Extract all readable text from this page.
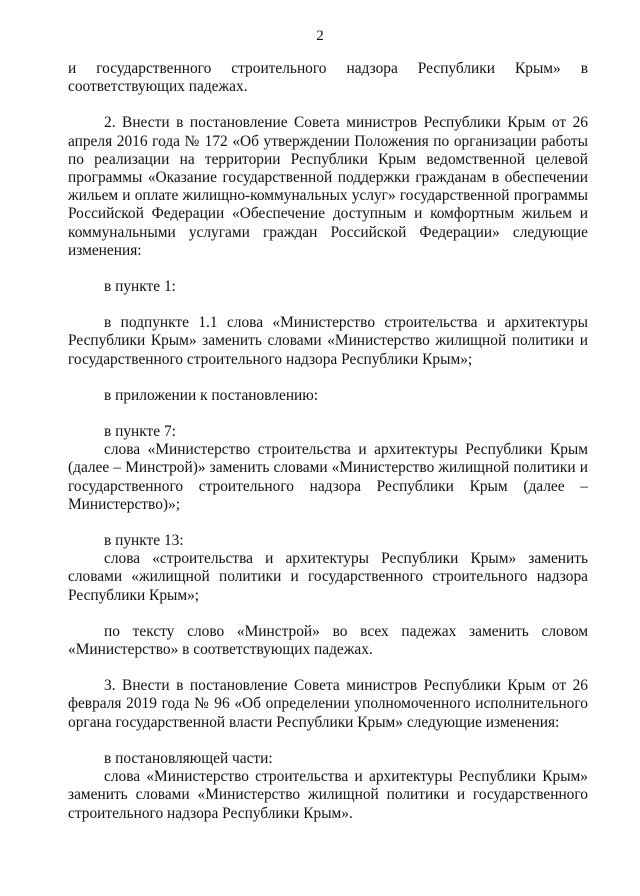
2

и государственного строительного надзора Республики Крым» в соответствующих падежах.

2. Внести в постановление Совета министров Республики Крым от 26 апреля 2016 года № 172 «Об утверждении Положения по организации работы по реализации на территории Республики Крым ведомственной целевой программы «Оказание государственной поддержки гражданам в обеспечении жильем и оплате жилищно-коммунальных услуг» государственной программы Российской Федерации «Обеспечение доступным и комфортным жильем и коммунальными услугами граждан Российской Федерации» следующие изменения:

в пункте 1:

в подпункте 1.1 слова «Министерство строительства и архитектуры Республики Крым» заменить словами «Министерство жилищной политики и государственного строительного надзора Республики Крым»;

в приложении к постановлению:

в пункте 7:

слова «Министерство строительства и архитектуры Республики Крым (далее – Минстрой)» заменить словами «Министерство жилищной политики и государственного строительного надзора Республики Крым (далее – Министерство)»;

в пункте 13:

слова «строительства и архитектуры Республики Крым» заменить словами «жилищной политики и государственного строительного надзора Республики Крым»;

по тексту слово «Минстрой» во всех падежах заменить словом «Министерство» в соответствующих падежах.

3. Внести в постановление Совета министров Республики Крым от 26 февраля 2019 года № 96 «Об определении уполномоченного исполнительного органа государственной власти Республики Крым» следующие изменения:

в постановляющей части:

слова «Министерство строительства и архитектуры Республики Крым» заменить словами «Министерство жилищной политики и государственного строительного надзора Республики Крым».
